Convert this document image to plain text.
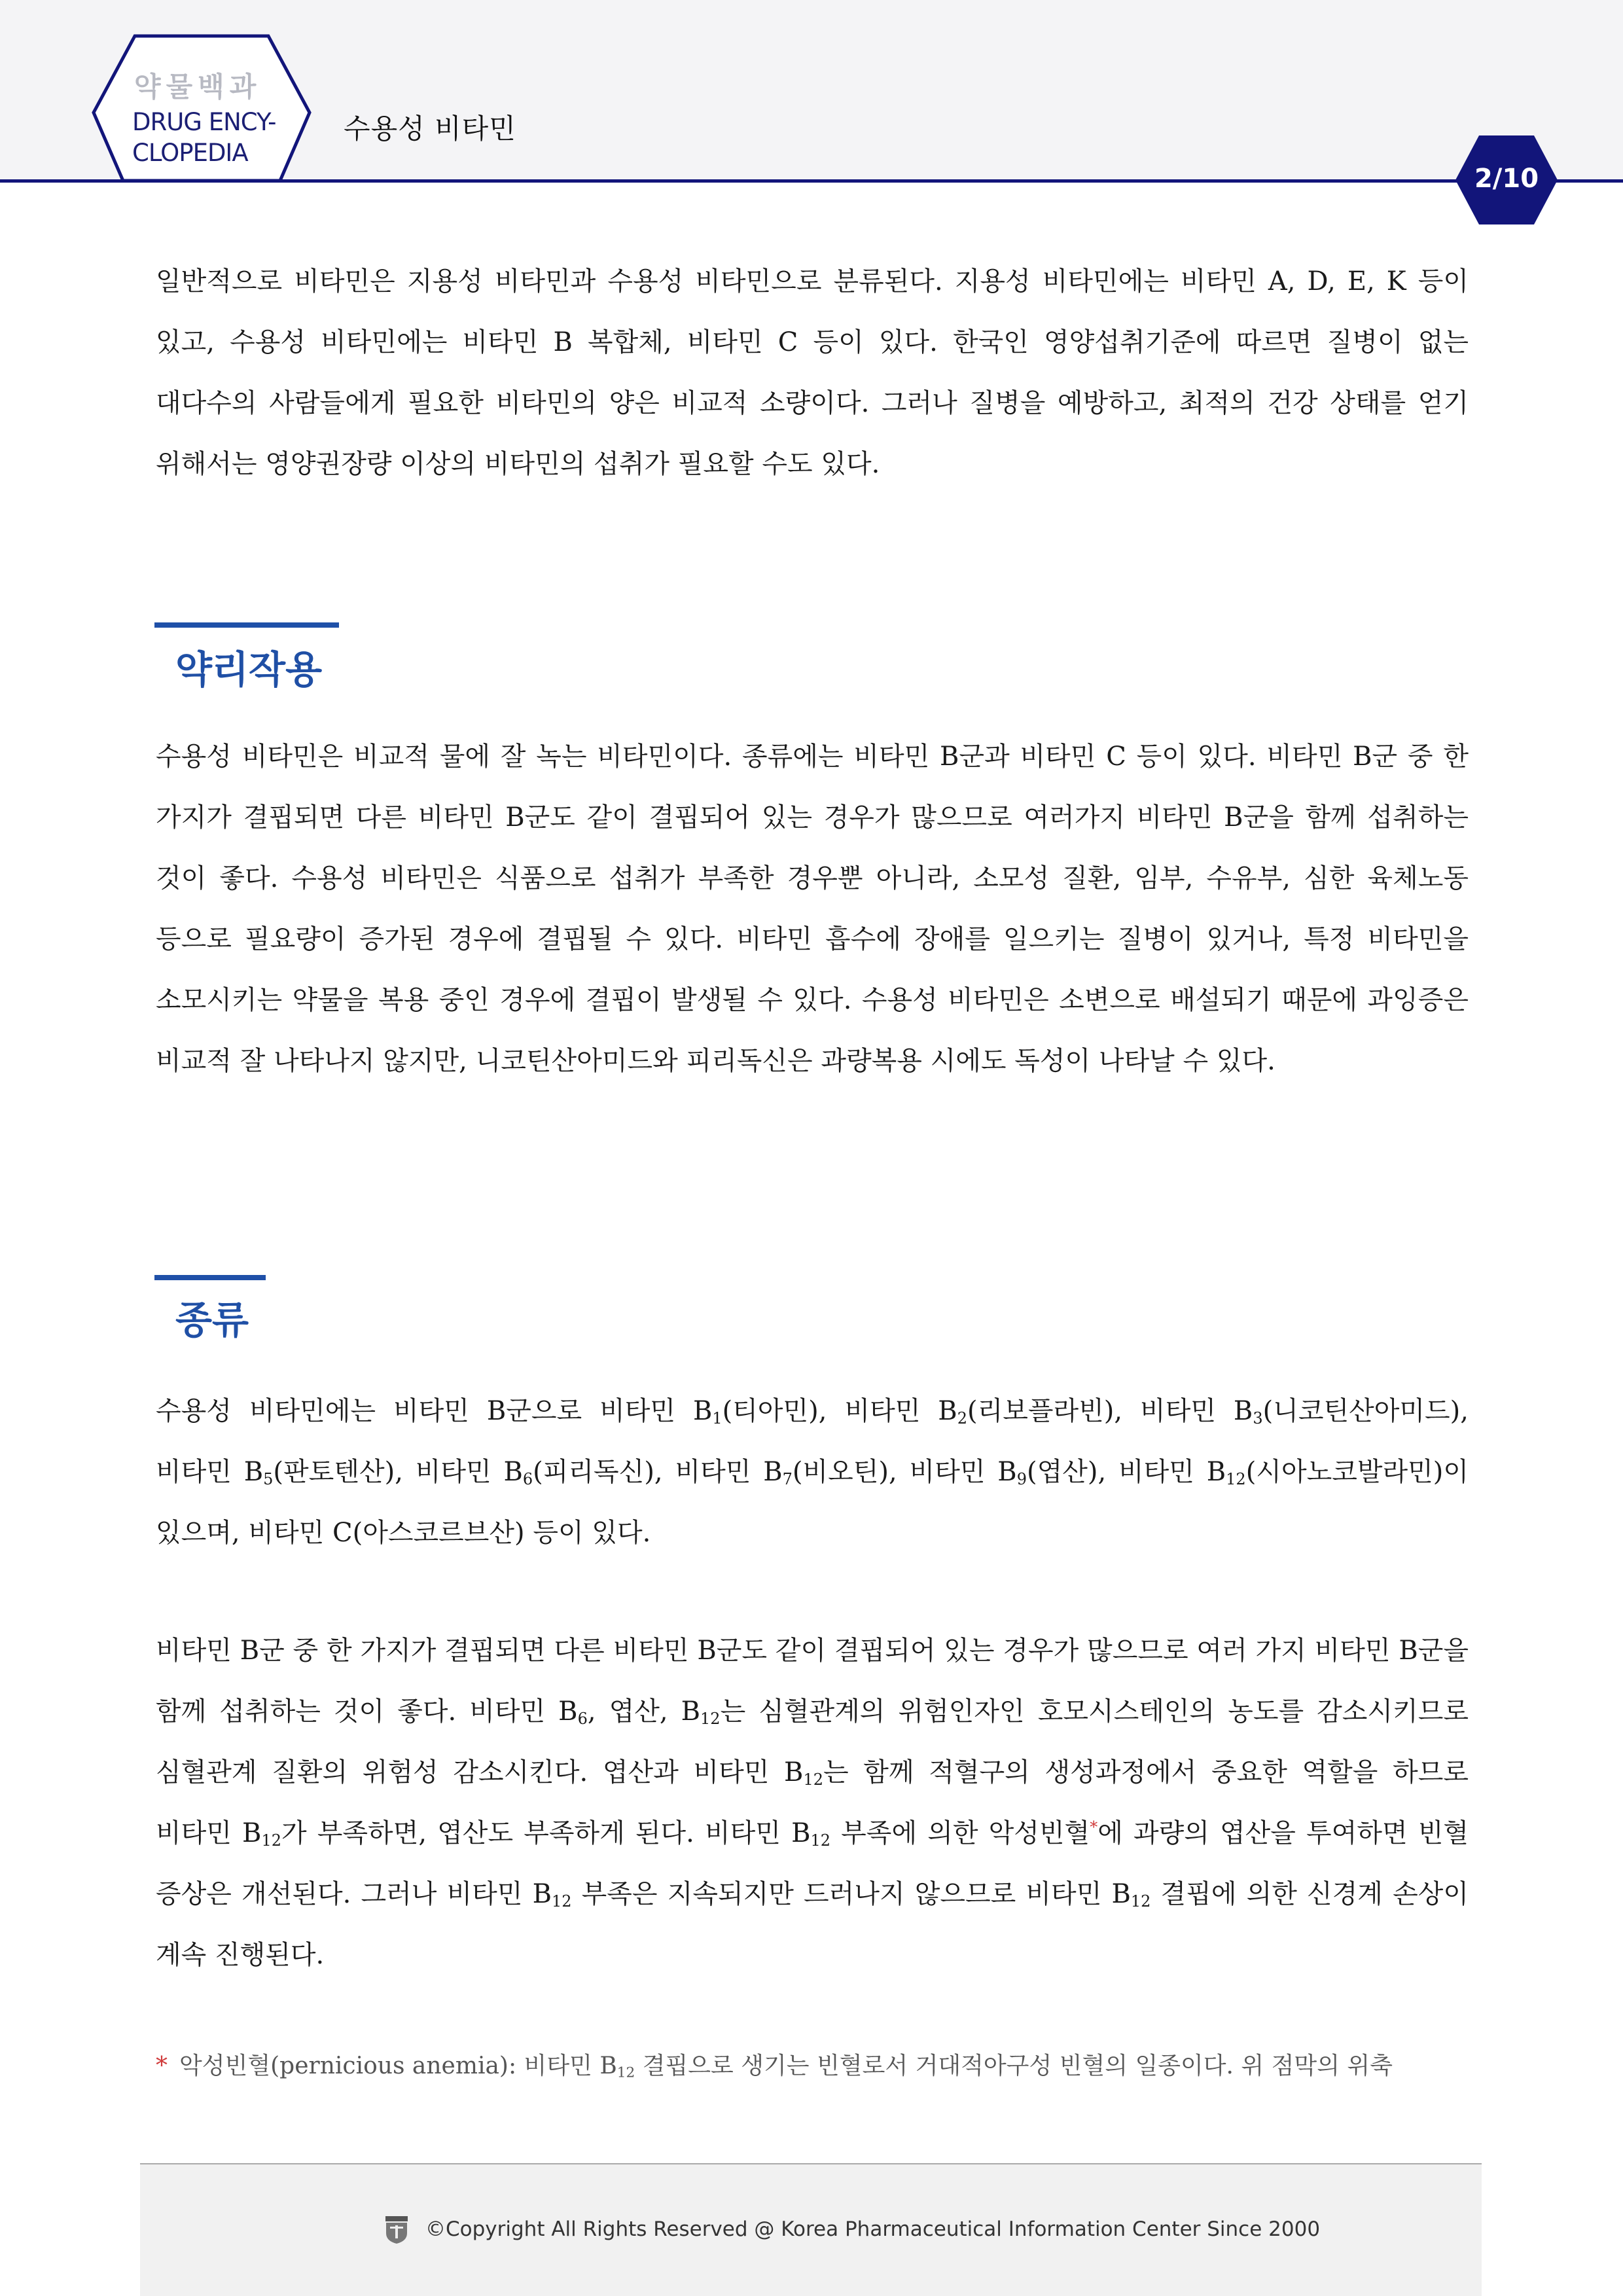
약물백과
DRUG ENCY-
CLOPEDIA
수용성 비타민
2/10

일반적으로 비타민은 지용성 비타민과 수용성 비타민으로 분류된다. 지용성 비타민에는 비타민 A, D, E, K 등이 있고, 수용성 비타민에는 비타민 B 복합체, 비타민 C 등이 있다. 한국인 영양섭취기준에 따르면 질병이 없는 대다수의 사람들에게 필요한 비타민의 양은 비교적 소량이다. 그러나 질병을 예방하고, 최적의 건강 상태를 얻기 위해서는 영양권장량 이상의 비타민의 섭취가 필요할 수도 있다.

약리작용

수용성 비타민은 비교적 물에 잘 녹는 비타민이다. 종류에는 비타민 B군과 비타민 C 등이 있다. 비타민 B군 중 한 가지가 결핍되면 다른 비타민 B군도 같이 결핍되어 있는 경우가 많으므로 여러가지 비타민 B군을 함께 섭취하는 것이 좋다. 수용성 비타민은 식품으로 섭취가 부족한 경우뿐 아니라, 소모성 질환, 임부, 수유부, 심한 육체노동 등으로 필요량이 증가된 경우에 결핍될 수 있다. 비타민 흡수에 장애를 일으키는 질병이 있거나, 특정 비타민을 소모시키는 약물을 복용 중인 경우에 결핍이 발생될 수 있다. 수용성 비타민은 소변으로 배설되기 때문에 과잉증은 비교적 잘 나타나지 않지만, 니코틴산아미드와 피리독신은 과량복용 시에도 독성이 나타날 수 있다.

종류

수용성 비타민에는 비타민 B군으로 비타민 $B_1$(티아민), 비타민 $B_2$(리보플라빈), 비타민 $B_3$(니코틴산아미드), 비타민 $B_5$(판토텐산), 비타민 $B_6$(피리독신), 비타민 $B_7$(비오틴), 비타민 $B_9$(엽산), 비타민 $B_{12}$(시아노코발라민)이 있으며, 비타민 C(아스코르브산) 등이 있다.

비타민 B군 중 한 가지가 결핍되면 다른 비타민 B군도 같이 결핍되어 있는 경우가 많으므로 여러 가지 비타민 B군을 함께 섭취하는 것이 좋다. 비타민 $B_6$, 엽산, $B_{12}$는 심혈관계의 위험인자인 호모시스테인의 농도를 감소시키므로 심혈관계 질환의 위험성 감소시킨다. 엽산과 비타민 $B_{12}$는 함께 적혈구의 생성과정에서 중요한 역할을 하므로 비타민 $B_{12}$가 부족하면, 엽산도 부족하게 된다. 비타민 $B_{12}$ 부족에 의한 악성빈혈*에 과량의 엽산을 투여하면 빈혈 증상은 개선된다. 그러나 비타민 $B_{12}$ 부족은 지속되지만 드러나지 않으므로 비타민 $B_{12}$ 결핍에 의한 신경계 손상이 계속 진행된다.

* 악성빈혈(pernicious anemia): 비타민 $B_{12}$ 결핍으로 생기는 빈혈로서 거대적아구성 빈혈의 일종이다. 위 점막의 위축
©Copyright All Rights Reserved @ Korea Pharmaceutical Information Center Since 2000
